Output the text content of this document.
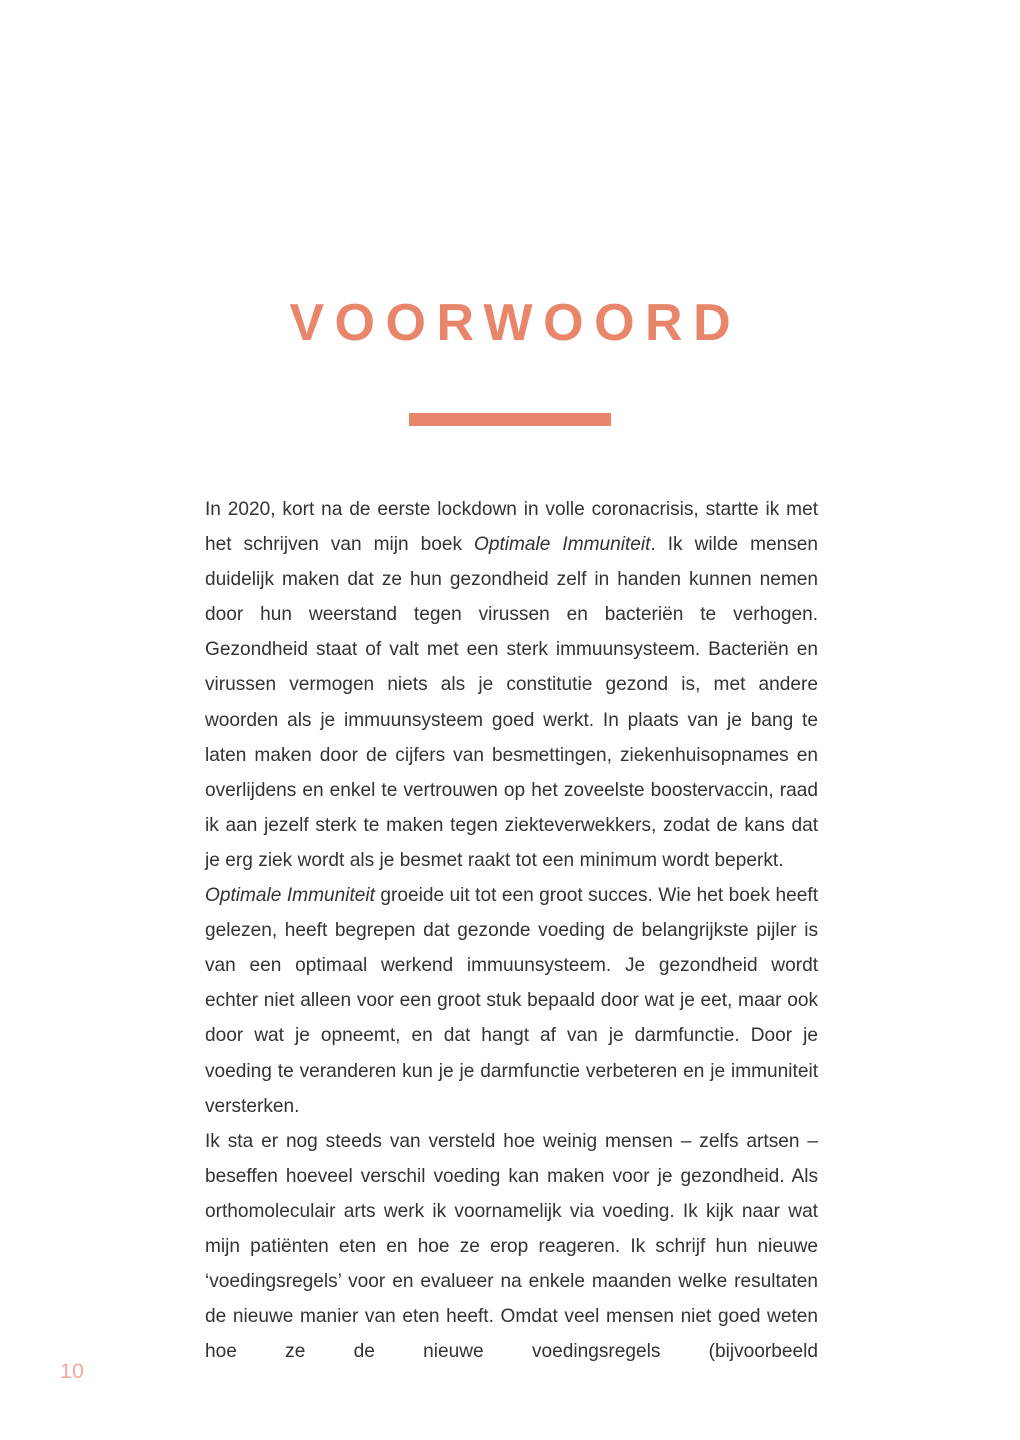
VOORWOORD

In 2020, kort na de eerste lockdown in volle coronacrisis, startte ik met het schrijven van mijn boek Optimale Immuniteit. Ik wilde mensen duidelijk maken dat ze hun gezondheid zelf in handen kunnen nemen door hun weerstand tegen virussen en bacteriën te verhogen. Gezondheid staat of valt met een sterk immuunsysteem. Bacteriën en virussen vermogen niets als je constitutie gezond is, met andere woorden als je immuunsysteem goed werkt. In plaats van je bang te laten maken door de cijfers van besmettingen, ziekenhuisopnames en overlijdens en enkel te vertrouwen op het zoveelste boostervaccin, raad ik aan jezelf sterk te maken tegen ziekteverwekkers, zodat de kans dat je erg ziek wordt als je besmet raakt tot een minimum wordt beperkt.

Optimale Immuniteit groeide uit tot een groot succes. Wie het boek heeft gelezen, heeft begrepen dat gezonde voeding de belangrijkste pijler is van een optimaal werkend immuunsysteem. Je gezondheid wordt echter niet alleen voor een groot stuk bepaald door wat je eet, maar ook door wat je opneemt, en dat hangt af van je darmfunctie. Door je voeding te veranderen kun je je darmfunctie verbeteren en je immuniteit versterken.

Ik sta er nog steeds van versteld hoe weinig mensen – zelfs artsen – beseffen hoeveel verschil voeding kan maken voor je gezondheid. Als orthomoleculair arts werk ik voornamelijk via voeding. Ik kijk naar wat mijn patiënten eten en hoe ze erop reageren. Ik schrijf hun nieuwe ‘voedingsregels’ voor en evalueer na enkele maanden welke resultaten de nieuwe manier van eten heeft. Omdat veel mensen niet goed weten hoe ze de nieuwe voedingsregels (bijvoorbeeld

10
